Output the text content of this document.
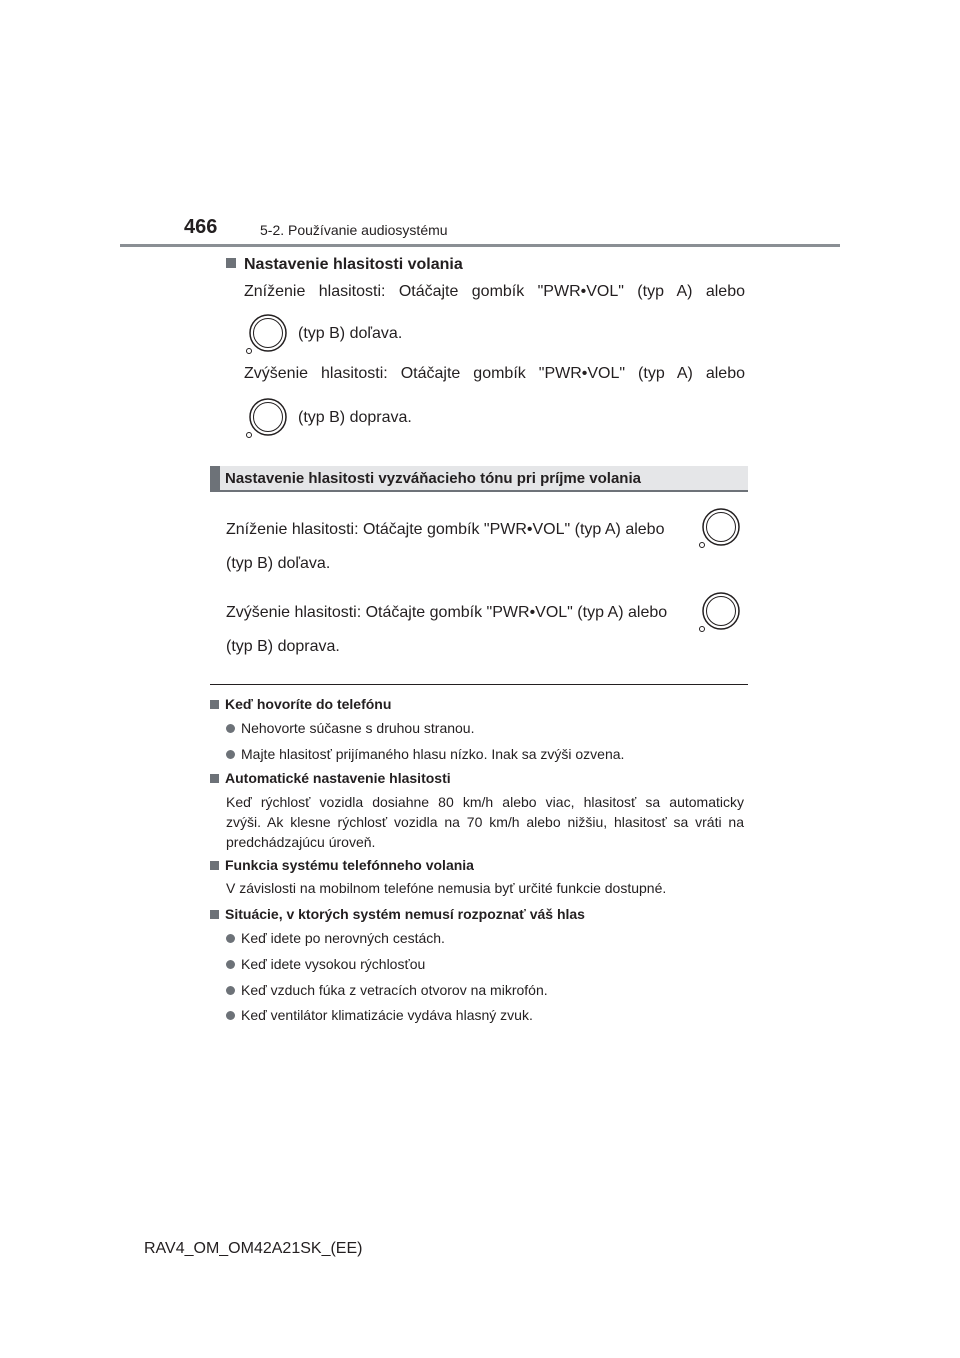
466	5-2. Používanie audiosystému
Nastavenie hlasitosti volania
Zníženie hlasitosti: Otáčajte gombík "PWR•VOL" (typ A) alebo
(typ B) doľava.
Zvýšenie hlasitosti: Otáčajte gombík "PWR•VOL" (typ A) alebo
(typ B) doprava.
Nastavenie hlasitosti vyzváňacieho tónu pri príjme volania
Zníženie hlasitosti: Otáčajte gombík "PWR•VOL" (typ A) alebo
(typ B) doľava.
Zvýšenie hlasitosti: Otáčajte gombík "PWR•VOL" (typ A) alebo
(typ B) doprava.
Keď hovoríte do telefónu
Nehovorte súčasne s druhou stranou.
Majte hlasitosť prijímaného hlasu nízko. Inak sa zvýši ozvena.
Automatické nastavenie hlasitosti
Keď rýchlosť vozidla dosiahne 80 km/h alebo viac, hlasitosť sa automaticky
zvýši. Ak klesne rýchlosť vozidla na 70 km/h alebo nižšiu, hlasitosť sa vráti na
predchádzajúcu úroveň.
Funkcia systému telefónneho volania
V závislosti na mobilnom telefóne nemusia byť určité funkcie dostupné.
Situácie, v ktorých systém nemusí rozpoznať váš hlas
Keď idete po nerovných cestách.
Keď idete vysokou rýchlosťou
Keď vzduch fúka z vetracích otvorov na mikrofón.
Keď ventilátor klimatizácie vydáva hlasný zvuk.
RAV4_OM_OM42A21SK_(EE)
